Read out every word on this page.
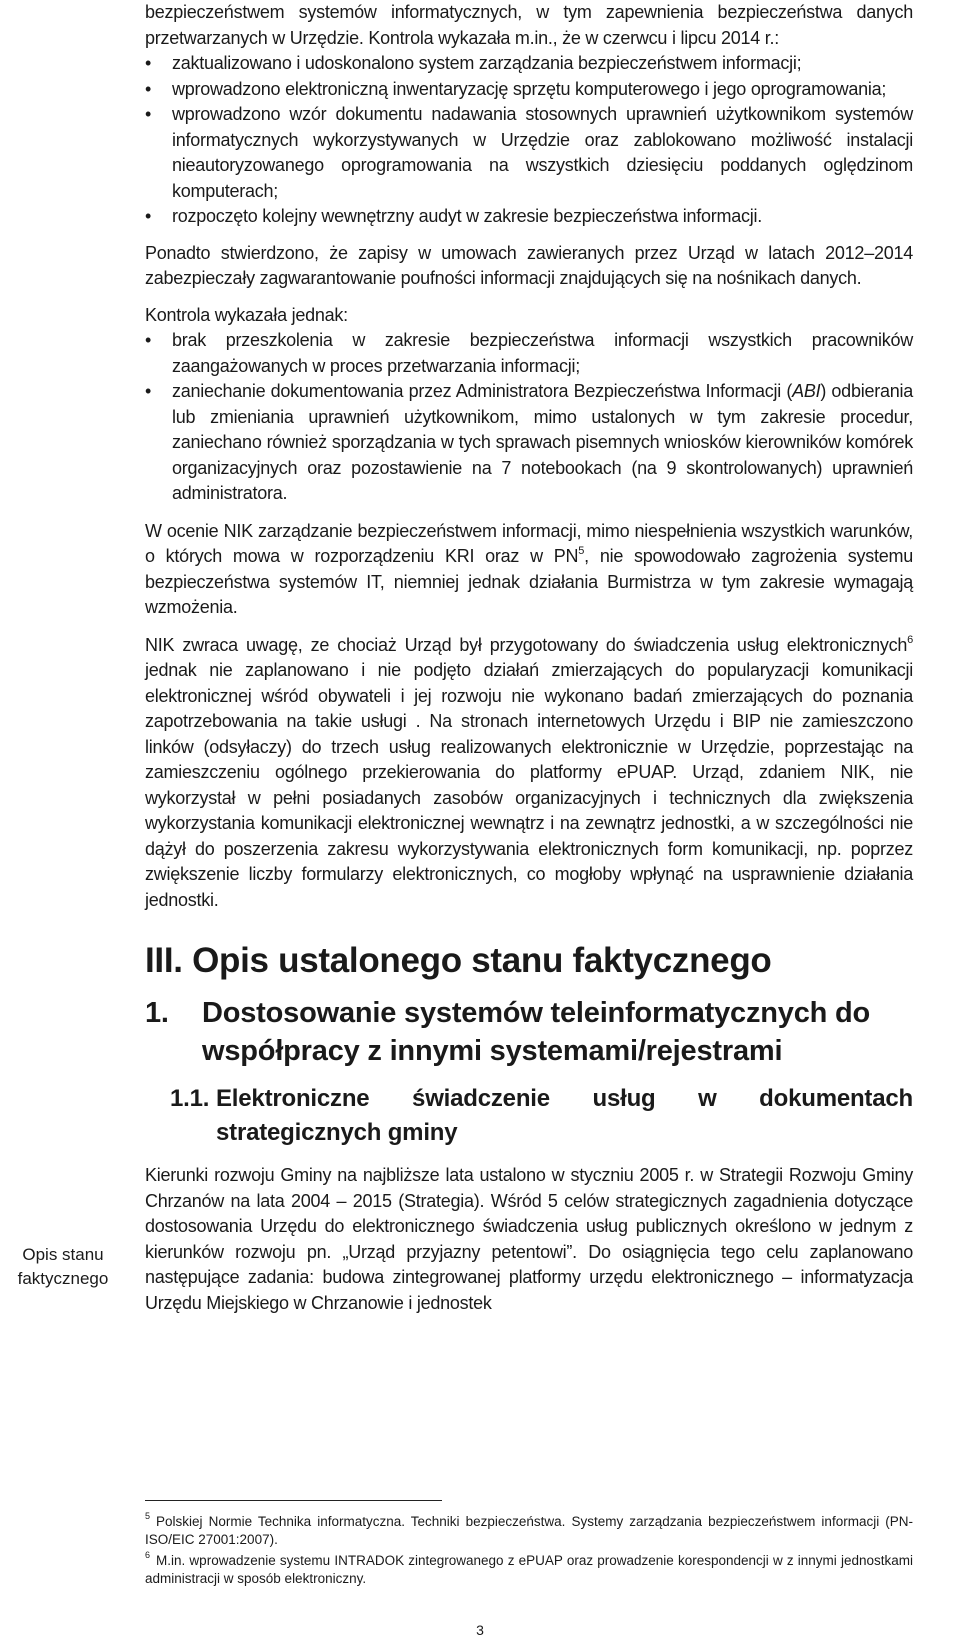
bezpieczeństwem systemów informatycznych, w tym zapewnienia bezpieczeństwa danych przetwarzanych w Urzędzie. Kontrola wykazała m.in., że w czerwcu i lipcu 2014 r.:

• zaktualizowano i udoskonalono system zarządzania bezpieczeństwem informacji;
• wprowadzono elektroniczną inwentaryzację sprzętu komputerowego i jego oprogramowania;
• wprowadzono wzór dokumentu nadawania stosownych uprawnień użytkownikom systemów informatycznych wykorzystywanych w Urzędzie oraz zablokowano możliwość instalacji nieautoryzowanego oprogramowania na wszystkich dziesięciu poddanych oględzinom komputerach;
• rozpoczęto kolejny wewnętrzny audyt w zakresie bezpieczeństwa informacji.

Ponadto stwierdzono, że zapisy w umowach zawieranych przez Urząd w latach 2012–2014 zabezpieczały zagwarantowanie poufności informacji znajdujących się na nośnikach danych.

Kontrola wykazała jednak:

• brak przeszkolenia w zakresie bezpieczeństwa informacji wszystkich pracowników zaangażowanych w proces przetwarzania informacji;
• zaniechanie dokumentowania przez Administratora Bezpieczeństwa Informacji (ABI) odbierania lub zmieniania uprawnień użytkownikom, mimo ustalonych w tym zakresie procedur, zaniechano również sporządzania w tych sprawach pisemnych wniosków kierowników komórek organizacyjnych oraz pozostawienie na 7 notebookach (na 9 skontrolowanych) uprawnień administratora.

W ocenie NIK zarządzanie bezpieczeństwem informacji, mimo niespełnienia wszystkich warunków, o których mowa w rozporządzeniu KRI oraz w $PN^5$, nie spowodowało zagrożenia systemu bezpieczeństwa systemów IT, niemniej jednak działania Burmistrza w tym zakresie wymagają wzmożenia.

NIK zwraca uwagę, ze chociaż Urząd był przygotowany do świadczenia usług elektronicznych$^6$ jednak nie zaplanowano i nie podjęto działań zmierzających do popularyzacji komunikacji elektronicznej wśród obywateli i jej rozwoju nie wykonano badań zmierzających do poznania zapotrzebowania na takie usługi . Na stronach internetowych Urzędu i BIP nie zamieszczono linków (odsyłaczy) do trzech usług realizowanych elektronicznie w Urzędzie, poprzestając na zamieszczeniu ogólnego przekierowania do platformy ePUAP. Urząd, zdaniem NIK, nie wykorzystał w pełni posiadanych zasobów organizacyjnych i technicznych dla zwiększenia wykorzystania komunikacji elektronicznej wewnątrz i na zewnątrz jednostki, a w szczególności nie dążył do poszerzenia zakresu wykorzystywania elektronicznych form komunikacji, np. poprzez zwiększenie liczby formularzy elektronicznych, co mogłoby wpłynąć na usprawnienie działania jednostki.

III. Opis ustalonego stanu faktycznego
1. Dostosowanie systemów teleinformatycznych do współpracy z innymi systemami/rejestrami
1.1. Elektroniczne świadczenie usług w dokumentach
strategicznych gminy

Kierunki rozwoju Gminy na najbliższe lata ustalono w styczniu 2005 r. w Strategii Rozwoju Gminy Chrzanów na lata 2004 – 2015 (Strategia). Wśród 5 celów strategicznych zagadnienia dotyczące dostosowania Urzędu do elektronicznego świadczenia usług publicznych określono w jednym z kierunków rozwoju pn. „Urząd przyjazny petentowi”. Do osiągnięcia tego celu zaplanowano następujące zadania: budowa zintegrowanej platformy urzędu elektronicznego – informatyzacja Urzędu Miejskiego w Chrzanowie i jednostek

Opis stanu faktycznego

$^5$ Polskiej Normie Technika informatyczna. Techniki bezpieczeństwa. Systemy zarządzania bezpieczeństwem informacji (PN-ISO/EIC 27001:2007).

$^6$ M.in. wprowadzenie systemu INTRADOK zintegrowanego z ePUAP oraz prowadzenie korespondencji w z innymi jednostkami administracji w sposób elektroniczny.

3
